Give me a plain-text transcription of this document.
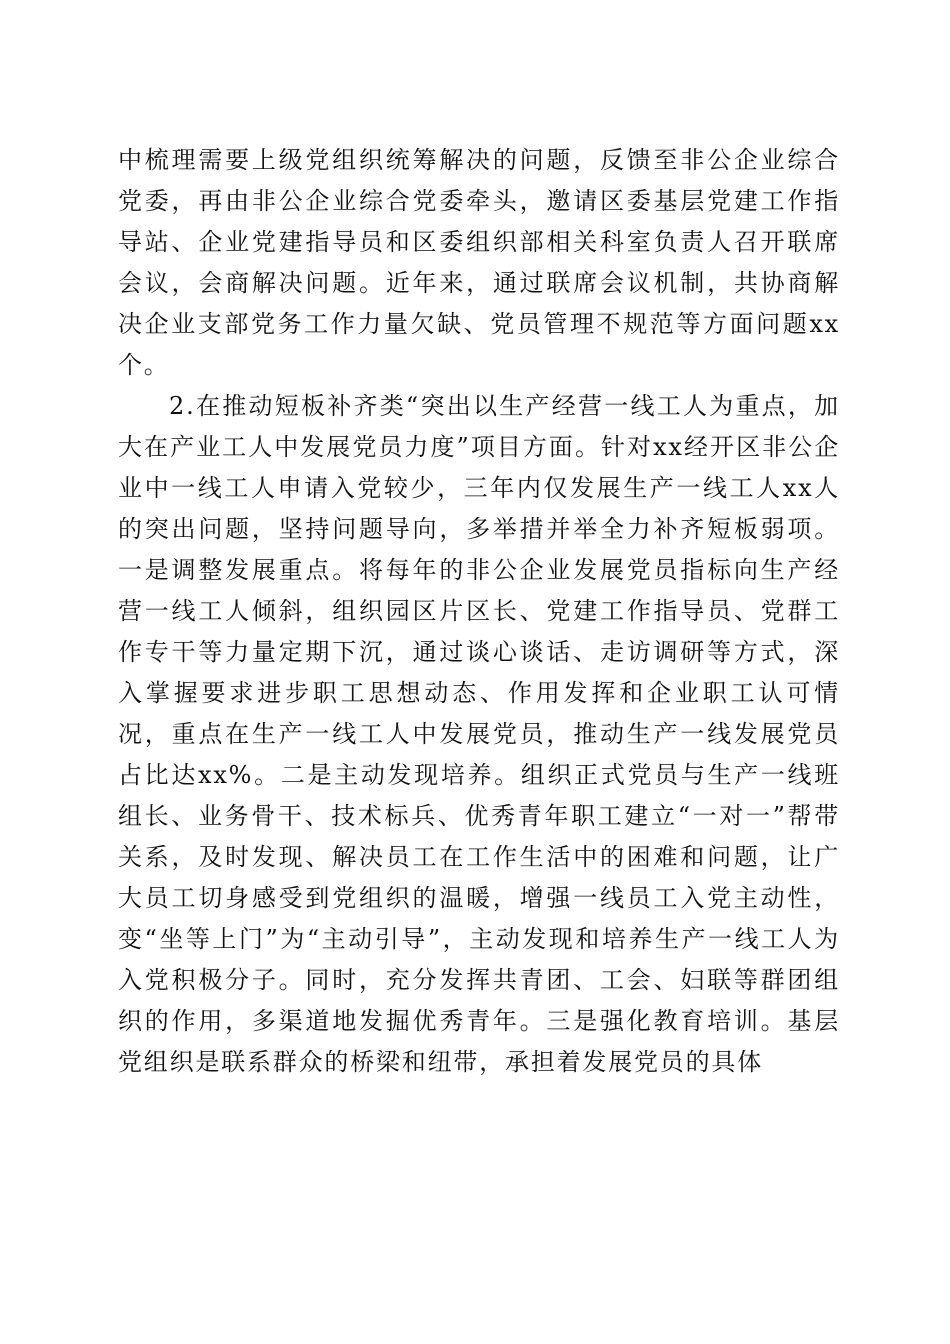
中梳理需要上级党组织统筹解决的问题，反馈至非公企业综合党委，再由非公企业综合党委牵头，邀请区委基层党建工作指导站、企业党建指导员和区委组织部相关科室负责人召开联席会议，会商解决问题。近年来，通过联席会议机制，共协商解决企业支部党务工作力量欠缺、党员管理不规范等方面问题xx个。

2.在推动短板补齐类“突出以生产经营一线工人为重点，加大在产业工人中发展党员力度”项目方面。针对xx经开区非公企业中一线工人申请入党较少，三年内仅发展生产一线工人xx人的突出问题，坚持问题导向，多举措并举全力补齐短板弱项。一是调整发展重点。将每年的非公企业发展党员指标向生产经营一线工人倾斜，组织园区片区长、党建工作指导员、党群工作专干等力量定期下沉，通过谈心谈话、走访调研等方式，深入掌握要求进步职工思想动态、作用发挥和企业职工认可情况，重点在生产一线工人中发展党员，推动生产一线发展党员占比达xx%。二是主动发现培养。组织正式党员与生产一线班组长、业务骨干、技术标兵、优秀青年职工建立“一对一”帮带关系，及时发现、解决员工在工作生活中的困难和问题，让广大员工切身感受到党组织的温暖，增强一线员工入党主动性，变“坐等上门”为“主动引导”，主动发现和培养生产一线工人为入党积极分子。同时，充分发挥共青团、工会、妇联等群团组织的作用，多渠道地发掘优秀青年。三是强化教育培训。基层党组织是联系群众的桥梁和纽带，承担着发展党员的具体
